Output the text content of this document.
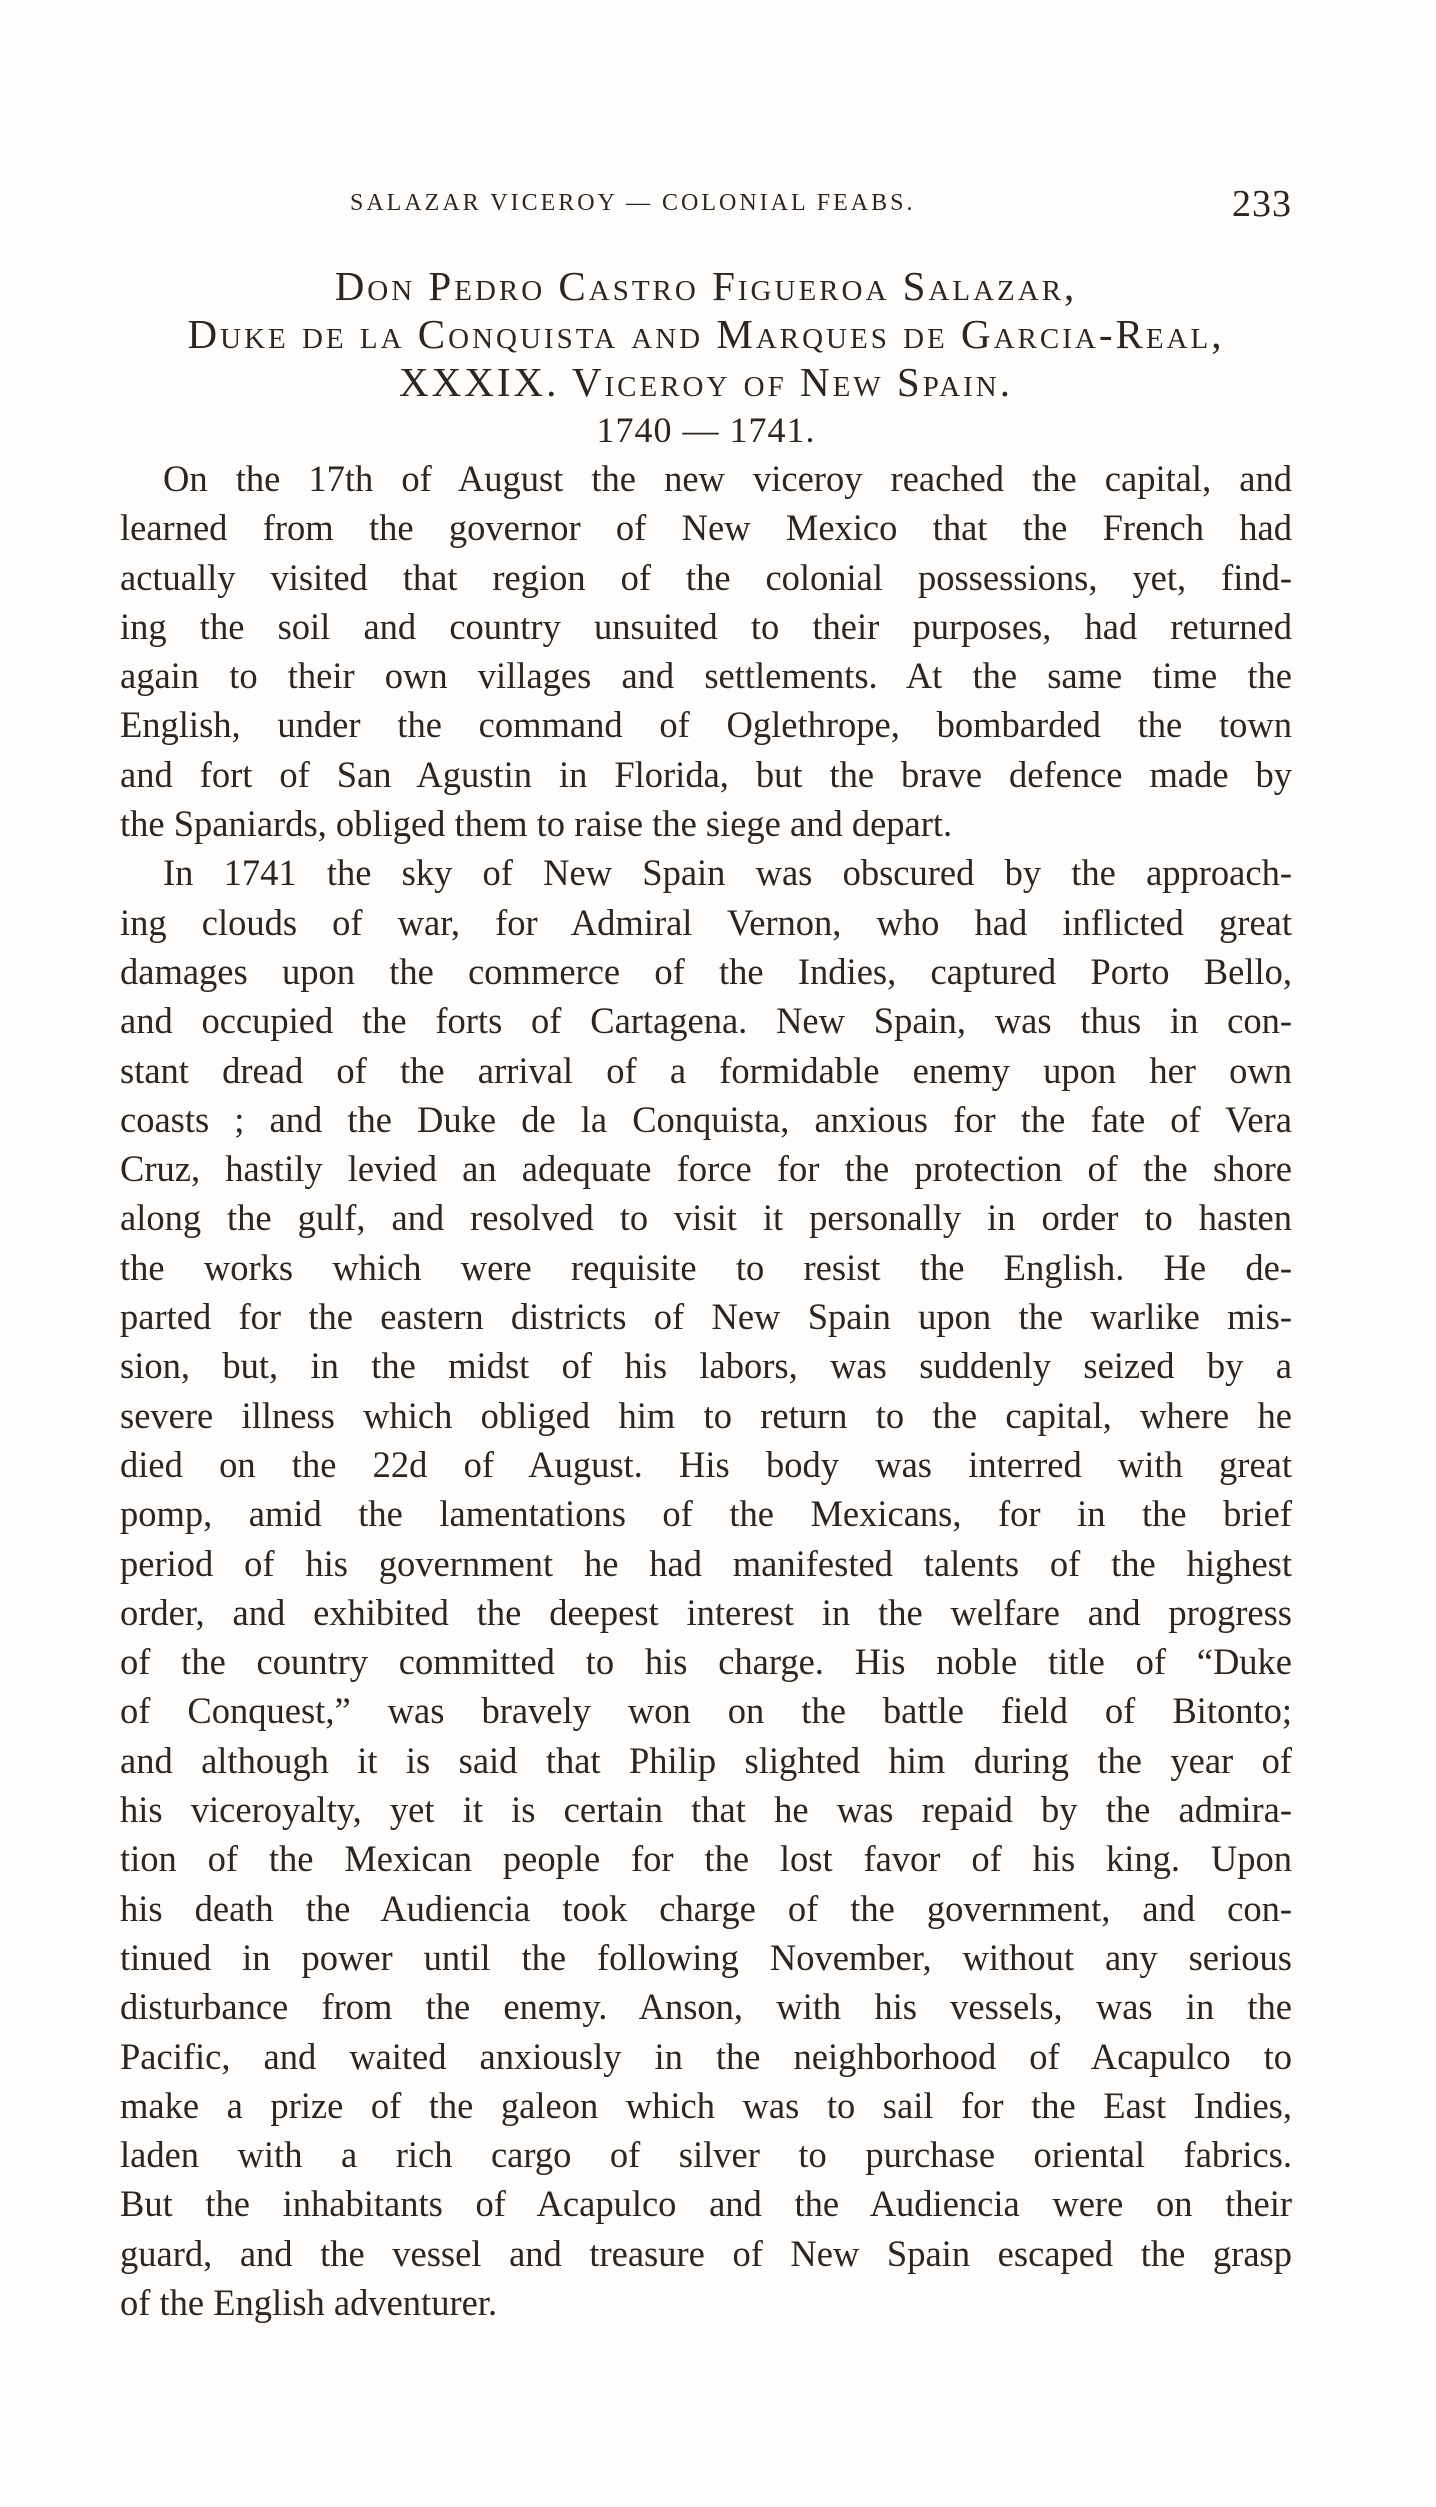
SALAZAR VICEROY — COLONIAL FEABS.	233
Don Pedro Castro Figueroa Salazar,
Duke de la Conquista and Marques de Garcia-Real,
XXXIX. Viceroy of New Spain.
1740 — 1741.
On the 17th of August the new viceroy reached the capital, and
learned from the governor of New Mexico that the French had
actually visited that region of the colonial possessions, yet, find-
ing the soil and country unsuited to their purposes, had returned
again to their own villages and settlements. At the same time the
English, under the command of Oglethrope, bombarded the town
and fort of San Agustin in Florida, but the brave defence made by
the Spaniards, obliged them to raise the siege and depart.
In 1741 the sky of New Spain was obscured by the approach-
ing clouds of war, for Admiral Vernon, who had inflicted great
damages upon the commerce of the Indies, captured Porto Bello,
and occupied the forts of Cartagena. New Spain, was thus in con-
stant dread of the arrival of a formidable enemy upon her own
coasts ; and the Duke de la Conquista, anxious for the fate of Vera
Cruz, hastily levied an adequate force for the protection of the shore
along the gulf, and resolved to visit it personally in order to hasten
the works which were requisite to resist the English. He de-
parted for the eastern districts of New Spain upon the warlike mis-
sion, but, in the midst of his labors, was suddenly seized by a
severe illness which obliged him to return to the capital, where he
died on the 22d of August. His body was interred with great
pomp, amid the lamentations of the Mexicans, for in the brief
period of his government he had manifested talents of the highest
order, and exhibited the deepest interest in the welfare and progress
of the country committed to his charge. His noble title of “Duke
of Conquest,” was bravely won on the battle field of Bitonto;
and although it is said that Philip slighted him during the year of
his viceroyalty, yet it is certain that he was repaid by the admira-
tion of the Mexican people for the lost favor of his king. Upon
his death the Audiencia took charge of the government, and con-
tinued in power until the following November, without any serious
disturbance from the enemy. Anson, with his vessels, was in the
Pacific, and waited anxiously in the neighborhood of Acapulco to
make a prize of the galeon which was to sail for the East Indies,
laden with a rich cargo of silver to purchase oriental fabrics.
But the inhabitants of Acapulco and the Audiencia were on their
guard, and the vessel and treasure of New Spain escaped the grasp
of the English adventurer.
